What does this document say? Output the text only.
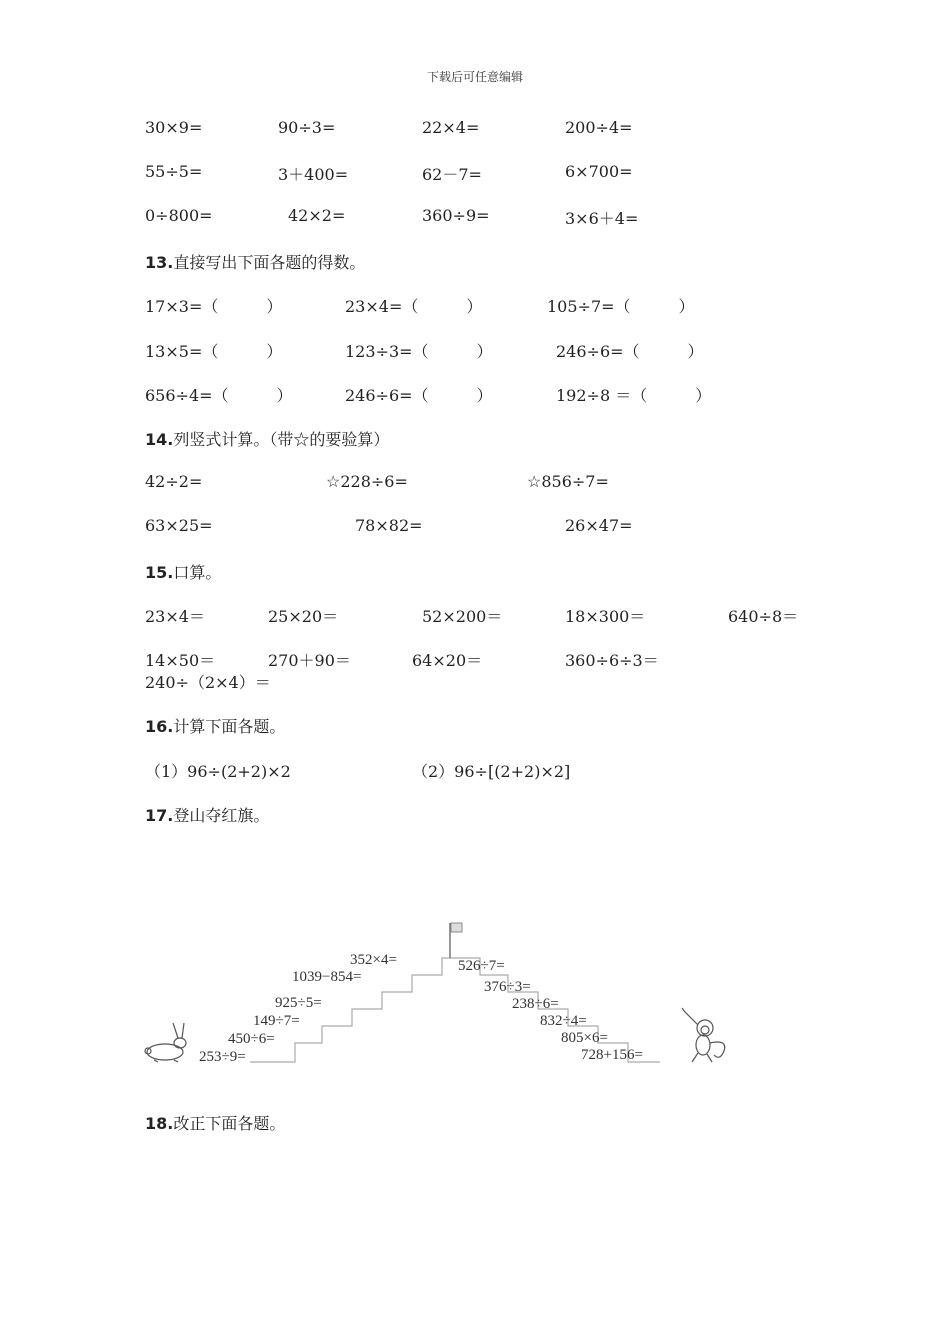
下载后可任意编辑
30×9=	90÷3=	22×4=	200÷4=
55÷5=	3＋400=	62－7=	6×700=
0÷800=	42×2=	360÷9=	3×6＋4=
13.直接写出下面各题的得数。
17×3=（　　　）	23×4=（　　　）	105÷7=（　　　）
13×5=（　　　）	123÷3=（　　　）	246÷6=（　　　）
656÷4=（　　　）	246÷6=（　　　）	192÷8 ＝（　　　）
14.列竖式计算。（带☆的要验算）
42÷2=	☆228÷6=	☆856÷7=
63×25=	78×82=	26×47=
15.口算。
23×4＝	25×20＝	52×200＝	18×300＝	640÷8＝
14×50＝	270＋90＝	64×20＝	360÷6÷3＝
240÷（2×4）＝
16.计算下面各题。
（1）96÷(2+2)×2	（2）96÷[(2+2)×2]
17.登山夺红旗。
253÷9=
450÷6=
149÷7=
925÷5=
1039−854=
352×4=	526÷7=
376÷3=
238÷6=
832÷4=
805×6=
728+156=
18.改正下面各题。
